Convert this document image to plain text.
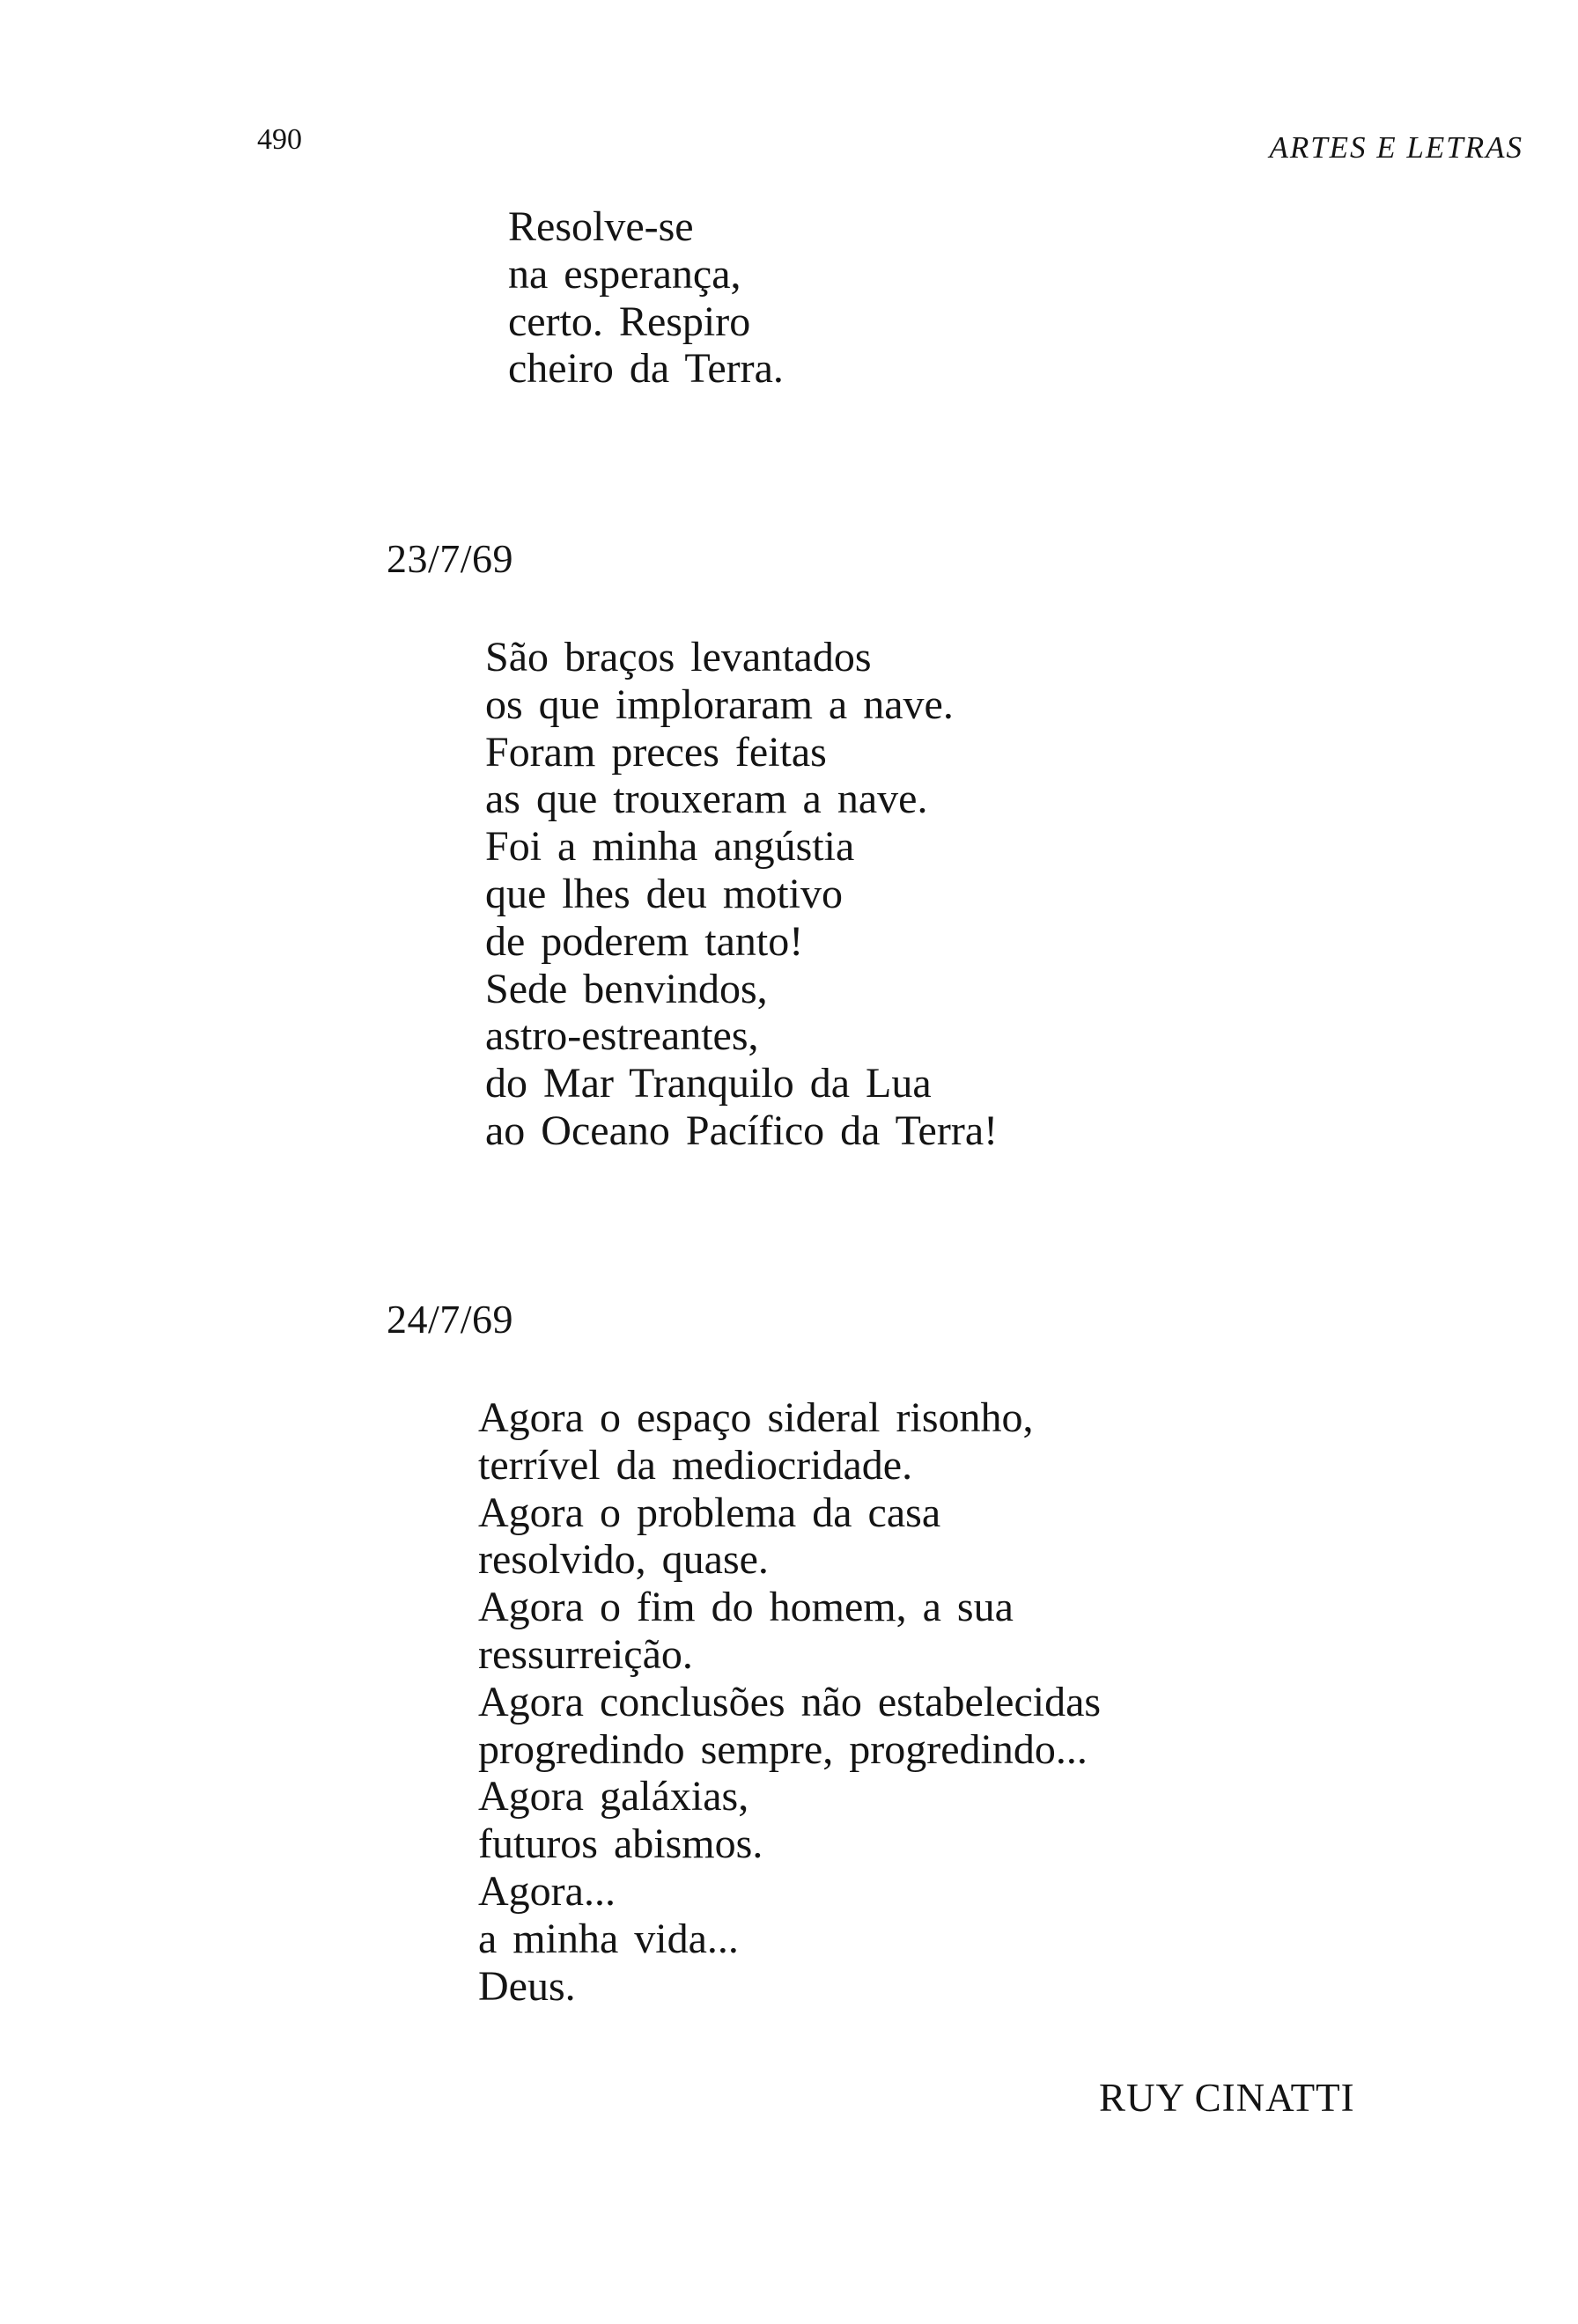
490	ARTES E LETRAS
Resolve-se
na esperança,
certo. Respiro
cheiro da Terra.
23/7/69
São braços levantados
os que imploraram a nave.
Foram preces feitas
as que trouxeram a nave.
Foi a minha angústia
que lhes deu motivo
de poderem tanto!
Sede benvindos,
astro-estreantes,
do Mar Tranquilo da Lua
ao Oceano Pacífico da Terra!
24/7/69
Agora o espaço sideral risonho,
terrível da mediocridade.
Agora o problema da casa
resolvido, quase.
Agora o fim do homem, a sua
ressurreição.
Agora conclusões não estabelecidas
progredindo sempre, progredindo...
Agora galáxias,
futuros abismos.
Agora...
a minha vida...
Deus.
RUY CINATTI
